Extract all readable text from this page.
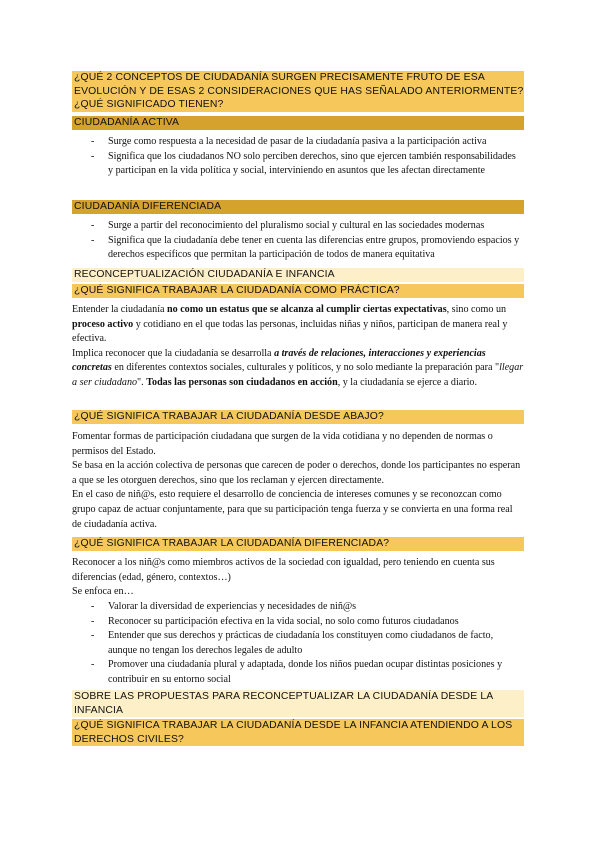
¿QUÉ 2 CONCEPTOS DE CIUDADANÍA SURGEN PRECISAMENTE FRUTO DE ESA EVOLUCIÓN Y DE ESAS 2 CONSIDERACIONES QUE HAS SEÑALADO ANTERIORMENTE? ¿QUÉ SIGNIFICADO TIENEN?
CIUDADANÍA ACTIVA
- Surge como respuesta a la necesidad de pasar de la ciudadanía pasiva a la participación activa
- Significa que los ciudadanos NO solo perciben derechos, sino que ejercen también responsabilidades y participan en la vida política y social, interviniendo en asuntos que les afectan directamente
CIUDADANÍA DIFERENCIADA
- Surge a partir del reconocimiento del pluralismo social y cultural en las sociedades modernas
- Significa que la ciudadanía debe tener en cuenta las diferencias entre grupos, promoviendo espacios y derechos específicos que permitan la participación de todos de manera equitativa
RECONCEPTUALIZACIÓN CIUDADANÍA E INFANCIA
¿QUÉ SIGNIFICA TRABAJAR LA CIUDADANÍA COMO PRÁCTICA?
Entender la ciudadanía no como un estatus que se alcanza al cumplir ciertas expectativas, sino como un proceso activo y cotidiano en el que todas las personas, incluidas niñas y niños, participan de manera real y efectiva.
Implica reconocer que la ciudadanía se desarrolla a través de relaciones, interacciones y experiencias concretas en diferentes contextos sociales, culturales y políticos, y no solo mediante la preparación para "llegar a ser ciudadano". Todas las personas son ciudadanos en acción, y la ciudadanía se ejerce a diario.
¿QUÉ SIGNIFICA TRABAJAR LA CIUDADANÍA DESDE ABAJO?
Fomentar formas de participación ciudadana que surgen de la vida cotidiana y no dependen de normas o permisos del Estado.
Se basa en la acción colectiva de personas que carecen de poder o derechos, donde los participantes no esperan a que se les otorguen derechos, sino que los reclaman y ejercen directamente.
En el caso de niñ@s, esto requiere el desarrollo de conciencia de intereses comunes y se reconozcan como grupo capaz de actuar conjuntamente, para que su participación tenga fuerza y se convierta en una forma real de ciudadanía activa.
¿QUÉ SIGNIFICA TRABAJAR LA CIUDADANÍA DIFERENCIADA?
Reconocer a los niñ@s como miembros activos de la sociedad con igualdad, pero teniendo en cuenta sus diferencias (edad, género, contextos…)
Se enfoca en…
- Valorar la diversidad de experiencias y necesidades de niñ@s
- Reconocer su participación efectiva en la vida social, no solo como futuros ciudadanos
- Entender que sus derechos y prácticas de ciudadanía los constituyen como ciudadanos de facto, aunque no tengan los derechos legales de adulto
- Promover una ciudadanía plural y adaptada, donde los niños puedan ocupar distintas posiciones y contribuir en su entorno social
SOBRE LAS PROPUESTAS PARA RECONCEPTUALIZAR LA CIUDADANÍA DESDE LA INFANCIA
¿QUÉ SIGNIFICA TRABAJAR LA CIUDADANÍA DESDE LA INFANCIA ATENDIENDO A LOS DERECHOS CIVILES?
